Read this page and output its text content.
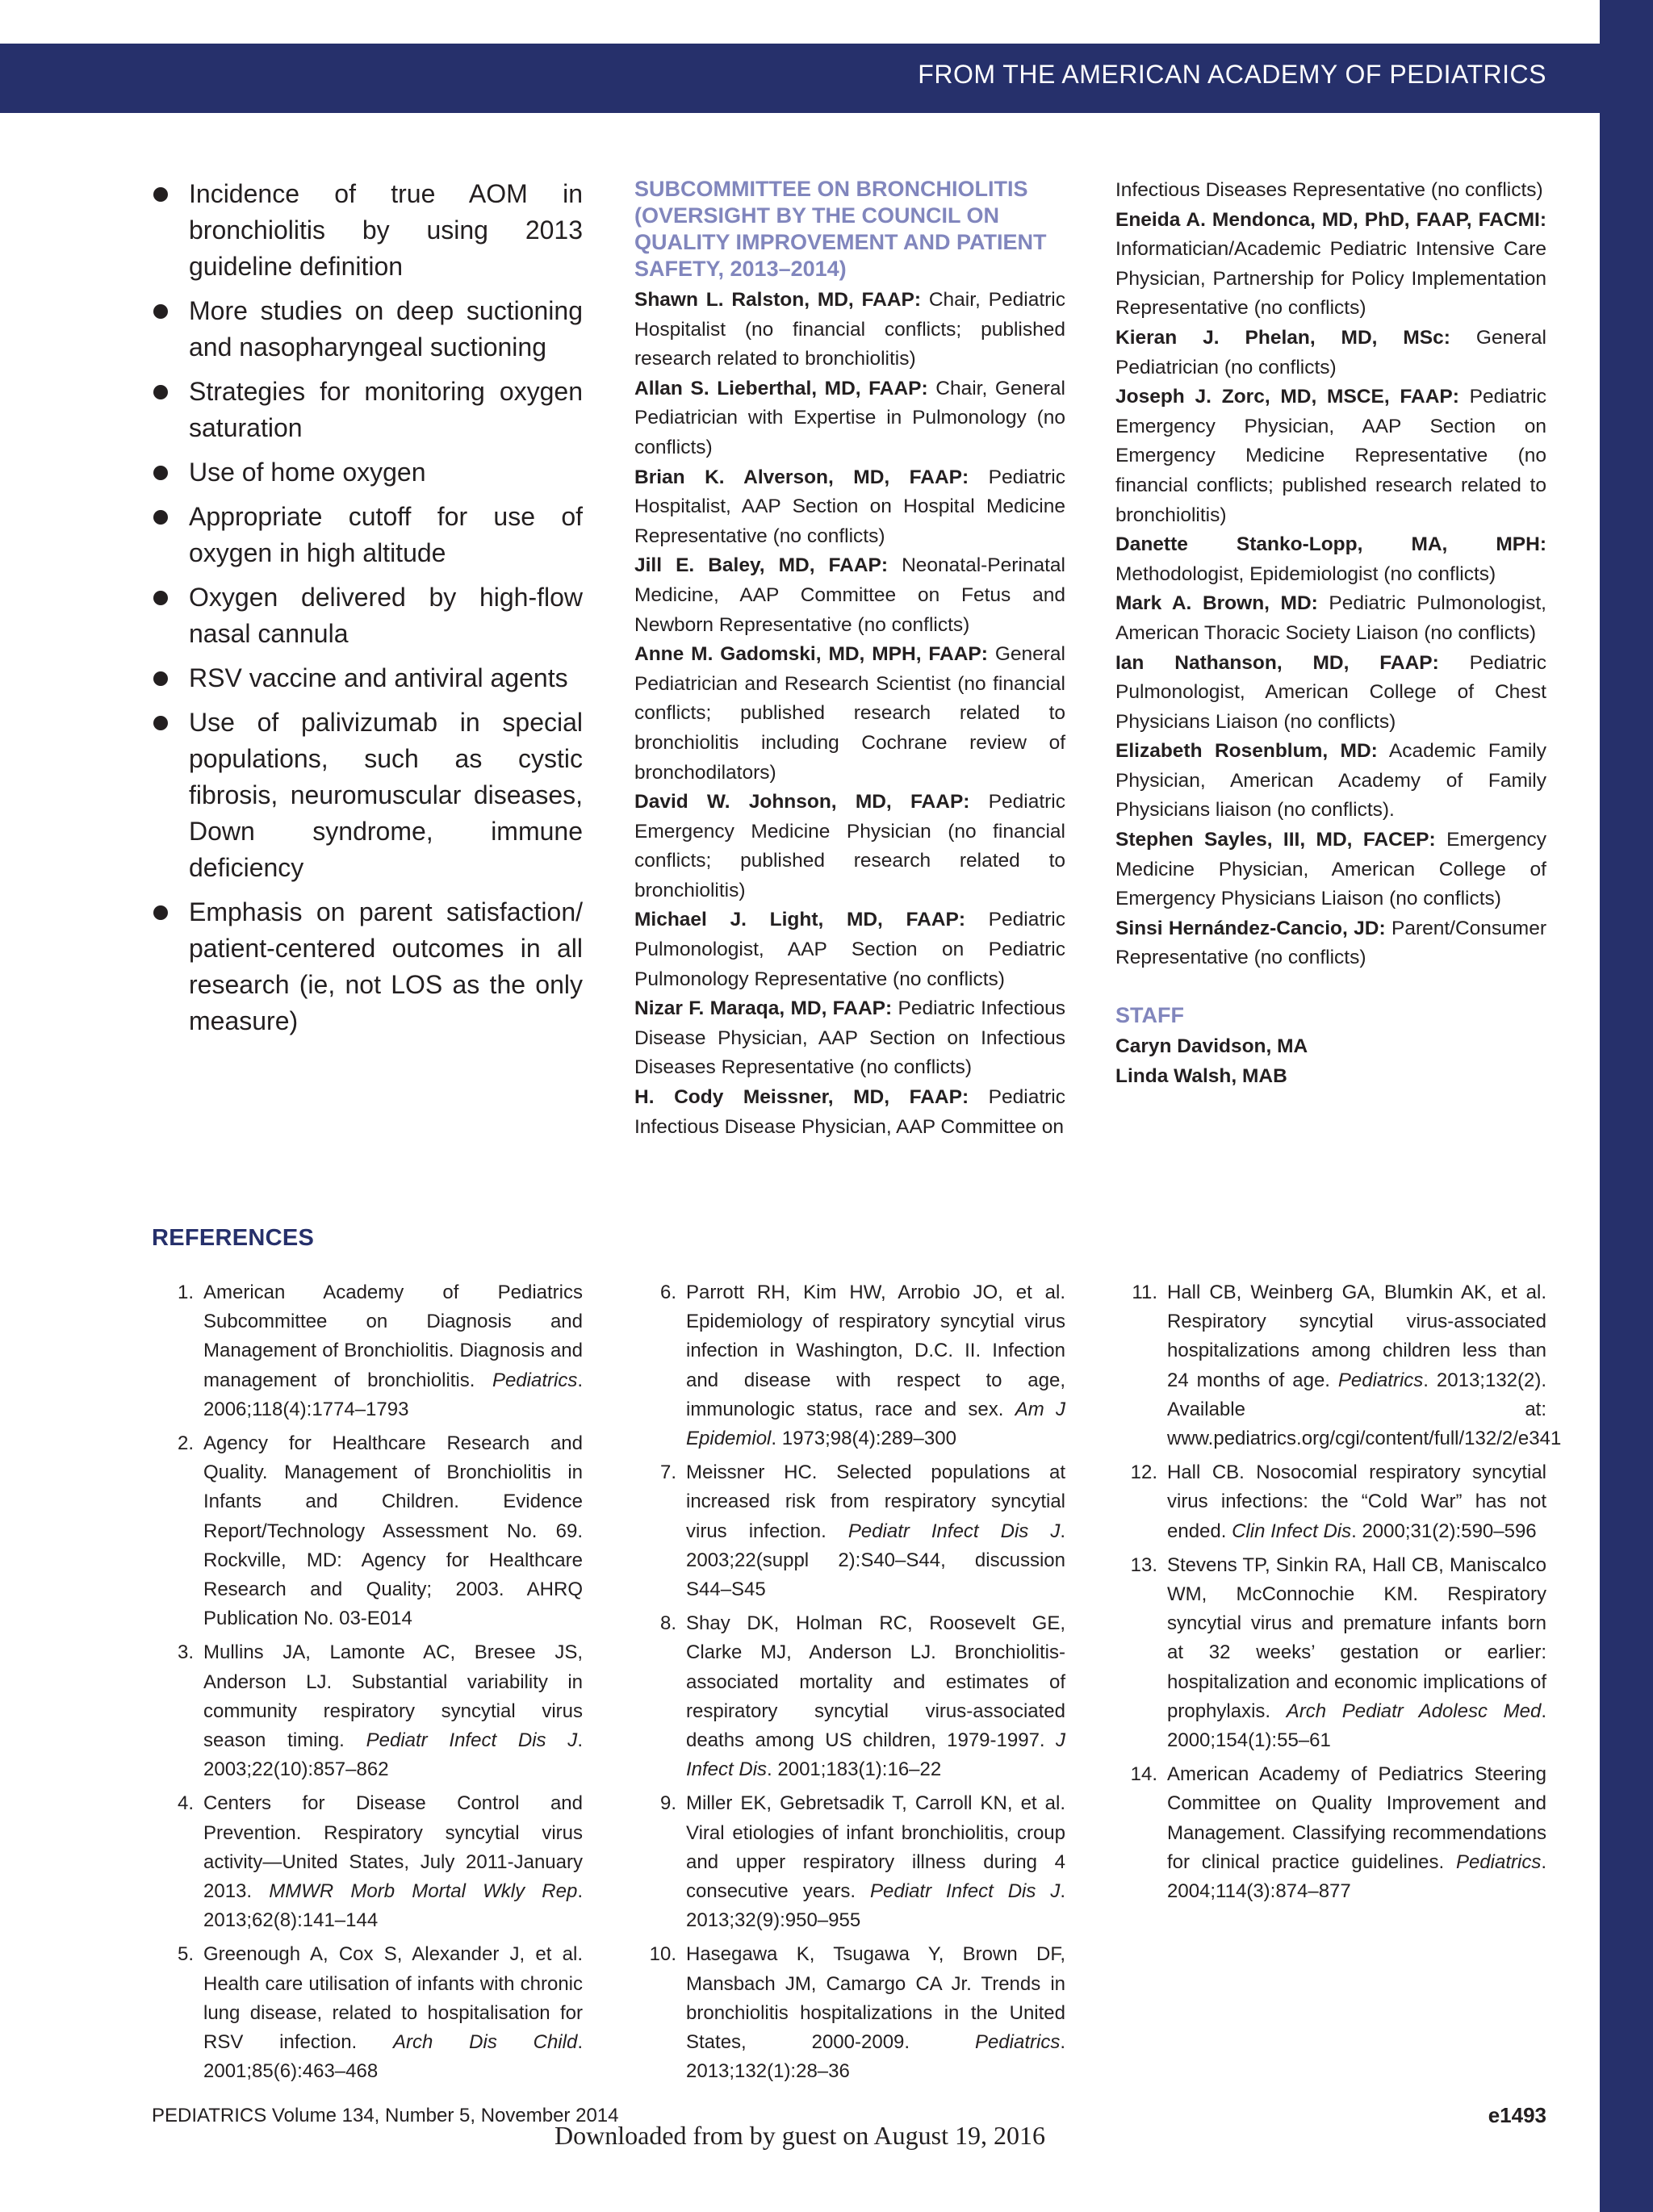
FROM THE AMERICAN ACADEMY OF PEDIATRICS
Incidence of true AOM in bronchiolitis by using 2013 guideline definition
More studies on deep suctioning and nasopharyngeal suctioning
Strategies for monitoring oxygen saturation
Use of home oxygen
Appropriate cutoff for use of oxygen in high altitude
Oxygen delivered by high-flow nasal cannula
RSV vaccine and antiviral agents
Use of palivizumab in special populations, such as cystic fibrosis, neuromuscular diseases, Down syndrome, immune deficiency
Emphasis on parent satisfaction/ patient-centered outcomes in all research (ie, not LOS as the only measure)
SUBCOMMITTEE ON BRONCHIOLITIS (OVERSIGHT BY THE COUNCIL ON QUALITY IMPROVEMENT AND PATIENT SAFETY, 2013–2014)

Shawn L. Ralston, MD, FAAP: Chair, Pediatric Hospitalist (no financial conflicts; published research related to bronchiolitis)

Allan S. Lieberthal, MD, FAAP: Chair, General Pediatrician with Expertise in Pulmonology (no conflicts)

Brian K. Alverson, MD, FAAP: Pediatric Hospitalist, AAP Section on Hospital Medicine Representative (no conflicts)

Jill E. Baley, MD, FAAP: Neonatal-Perinatal Medicine, AAP Committee on Fetus and Newborn Representative (no conflicts)

Anne M. Gadomski, MD, MPH, FAAP: General Pediatrician and Research Scientist (no financial conflicts; published research related to bronchiolitis including Cochrane review of bronchodilators)

David W. Johnson, MD, FAAP: Pediatric Emergency Medicine Physician (no financial conflicts; published research related to bronchiolitis)

Michael J. Light, MD, FAAP: Pediatric Pulmonologist, AAP Section on Pediatric Pulmonology Representative (no conflicts)

Nizar F. Maraqa, MD, FAAP: Pediatric Infectious Disease Physician, AAP Section on Infectious Diseases Representative (no conflicts)

H. Cody Meissner, MD, FAAP: Pediatric Infectious Disease Physician, AAP Committee on

Infectious Diseases Representative (no conflicts)

Eneida A. Mendonca, MD, PhD, FAAP, FACMI: Informatician/Academic Pediatric Intensive Care Physician, Partnership for Policy Implementation Representative (no conflicts)

Kieran J. Phelan, MD, MSc: General Pediatrician (no conflicts)

Joseph J. Zorc, MD, MSCE, FAAP: Pediatric Emergency Physician, AAP Section on Emergency Medicine Representative (no financial conflicts; published research related to bronchiolitis)

Danette Stanko-Lopp, MA, MPH: Methodologist, Epidemiologist (no conflicts)

Mark A. Brown, MD: Pediatric Pulmonologist, American Thoracic Society Liaison (no conflicts)

Ian Nathanson, MD, FAAP: Pediatric Pulmonologist, American College of Chest Physicians Liaison (no conflicts)

Elizabeth Rosenblum, MD: Academic Family Physician, American Academy of Family Physicians liaison (no conflicts).

Stephen Sayles, III, MD, FACEP: Emergency Medicine Physician, American College of Emergency Physicians Liaison (no conflicts)

Sinsi Hernández-Cancio, JD: Parent/Consumer Representative (no conflicts)

STAFF

Caryn Davidson, MA

Linda Walsh, MAB

REFERENCES
1. American Academy of Pediatrics Subcommittee on Diagnosis and Management of Bronchiolitis. Diagnosis and management of bronchiolitis. Pediatrics. 2006;118(4):1774–1793
2. Agency for Healthcare Research and Quality. Management of Bronchiolitis in Infants and Children. Evidence Report/Technology Assessment No. 69. Rockville, MD: Agency for Healthcare Research and Quality; 2003. AHRQ Publication No. 03-E014
3. Mullins JA, Lamonte AC, Bresee JS, Anderson LJ. Substantial variability in community respiratory syncytial virus season timing. Pediatr Infect Dis J. 2003;22(10):857–862
4. Centers for Disease Control and Prevention. Respiratory syncytial virus activity—United States, July 2011-January 2013. MMWR Morb Mortal Wkly Rep. 2013;62(8):141–144
5. Greenough A, Cox S, Alexander J, et al. Health care utilisation of infants with chronic lung disease, related to hospitalisation for RSV infection. Arch Dis Child. 2001;85(6):463–468
6. Parrott RH, Kim HW, Arrobio JO, et al. Epidemiology of respiratory syncytial virus infection in Washington, D.C. II. Infection and disease with respect to age, immunologic status, race and sex. Am J Epidemiol. 1973;98(4):289–300
7. Meissner HC. Selected populations at increased risk from respiratory syncytial virus infection. Pediatr Infect Dis J. 2003;22(suppl 2):S40–S44, discussion S44–S45
8. Shay DK, Holman RC, Roosevelt GE, Clarke MJ, Anderson LJ. Bronchiolitis-associated mortality and estimates of respiratory syncytial virus-associated deaths among US children, 1979-1997. J Infect Dis. 2001;183(1):16–22
9. Miller EK, Gebretsadik T, Carroll KN, et al. Viral etiologies of infant bronchiolitis, croup and upper respiratory illness during 4 consecutive years. Pediatr Infect Dis J. 2013;32(9):950–955
10. Hasegawa K, Tsugawa Y, Brown DF, Mansbach JM, Camargo CA Jr. Trends in bronchiolitis hospitalizations in the United States, 2000-2009. Pediatrics. 2013;132(1):28–36
11. Hall CB, Weinberg GA, Blumkin AK, et al. Respiratory syncytial virus-associated hospitalizations among children less than 24 months of age. Pediatrics. 2013;132(2). Available at: www.pediatrics.org/cgi/content/full/132/2/e341
12. Hall CB. Nosocomial respiratory syncytial virus infections: the “Cold War” has not ended. Clin Infect Dis. 2000;31(2):590–596
13. Stevens TP, Sinkin RA, Hall CB, Maniscalco WM, McConnochie KM. Respiratory syncytial virus and premature infants born at 32 weeks’ gestation or earlier: hospitalization and economic implications of prophylaxis. Arch Pediatr Adolesc Med. 2000;154(1):55–61
14. American Academy of Pediatrics Steering Committee on Quality Improvement and Management. Classifying recommendations for clinical practice guidelines. Pediatrics. 2004;114(3):874–877
PEDIATRICS Volume 134, Number 5, November 2014	e1493
Downloaded from by guest on August 19, 2016
